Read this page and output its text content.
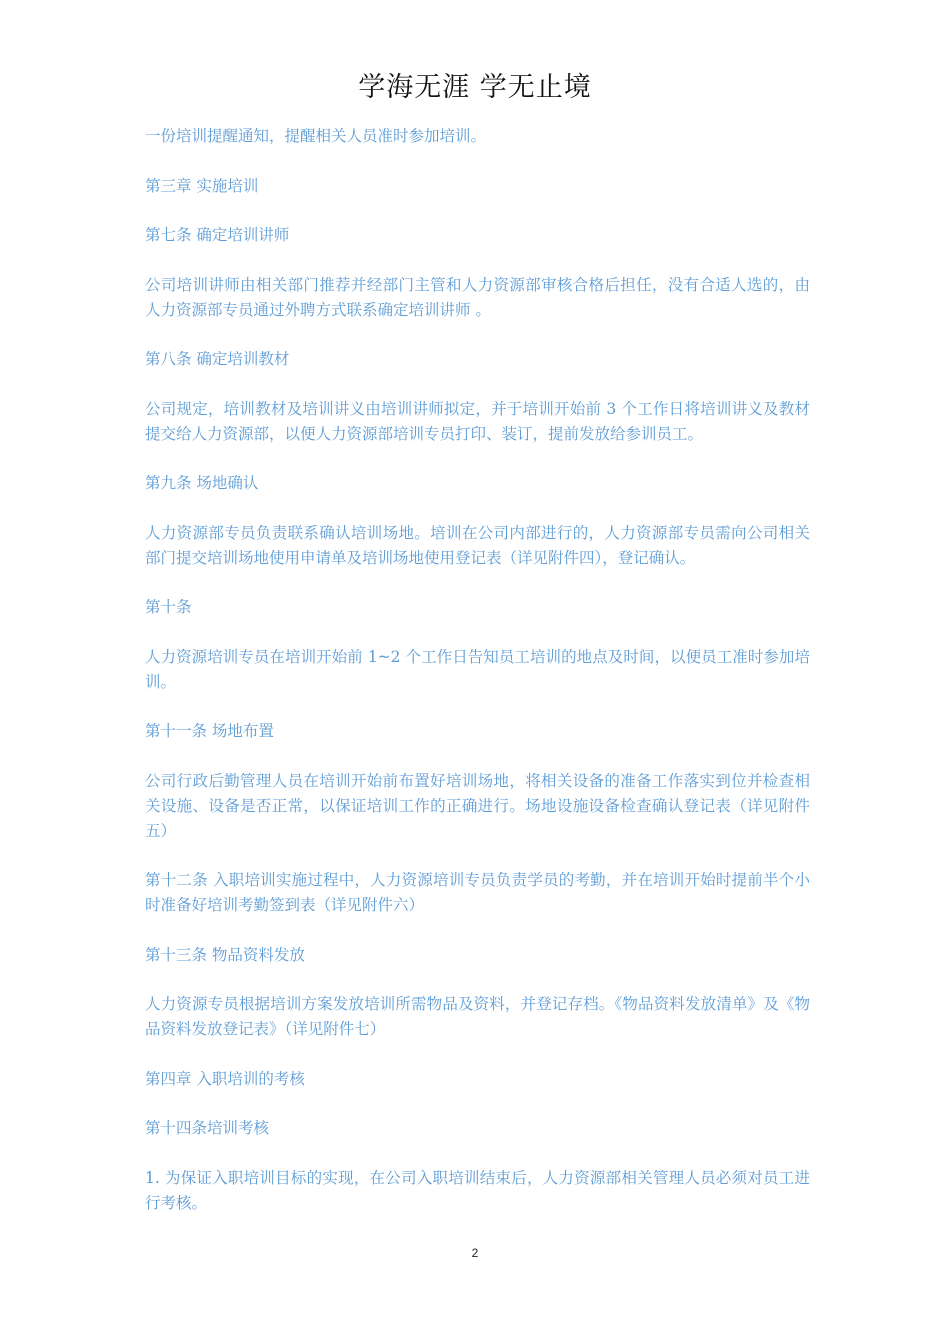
学海无涯 学无止境

一份培训提醒通知，提醒相关人员准时参加培训。

第三章 实施培训

第七条 确定培训讲师

公司培训讲师由相关部门推荐并经部门主管和人力资源部审核合格后担任，没有合适人选的，由人力资源部专员通过外聘方式联系确定培训讲师 。

第八条 确定培训教材

公司规定，培训教材及培训讲义由培训讲师拟定，并于培训开始前 3 个工作日将培训讲义及教材提交给人力资源部，以便人力资源部培训专员打印、装订，提前发放给参训员工。

第九条 场地确认

人力资源部专员负责联系确认培训场地。培训在公司内部进行的，人力资源部专员需向公司相关部门提交培训场地使用申请单及培训场地使用登记表（详见附件四），登记确认。

第十条

人力资源培训专员在培训开始前 1~2 个工作日告知员工培训的地点及时间，以便员工准时参加培训。

第十一条 场地布置

公司行政后勤管理人员在培训开始前布置好培训场地，将相关设备的准备工作落实到位并检查相关设施、设备是否正常，以保证培训工作的正确进行。场地设施设备检查确认登记表（详见附件五）

第十二条 入职培训实施过程中，人力资源培训专员负责学员的考勤，并在培训开始时提前半个小时准备好培训考勤签到表（详见附件六）

第十三条 物品资料发放

人力资源专员根据培训方案发放培训所需物品及资料，并登记存档。《物品资料发放清单》及《物品资料发放登记表》（详见附件七）

第四章 入职培训的考核

第十四条培训考核

1. 为保证入职培训目标的实现，在公司入职培训结束后，人力资源部相关管理人员必须对员工进行考核。

2
